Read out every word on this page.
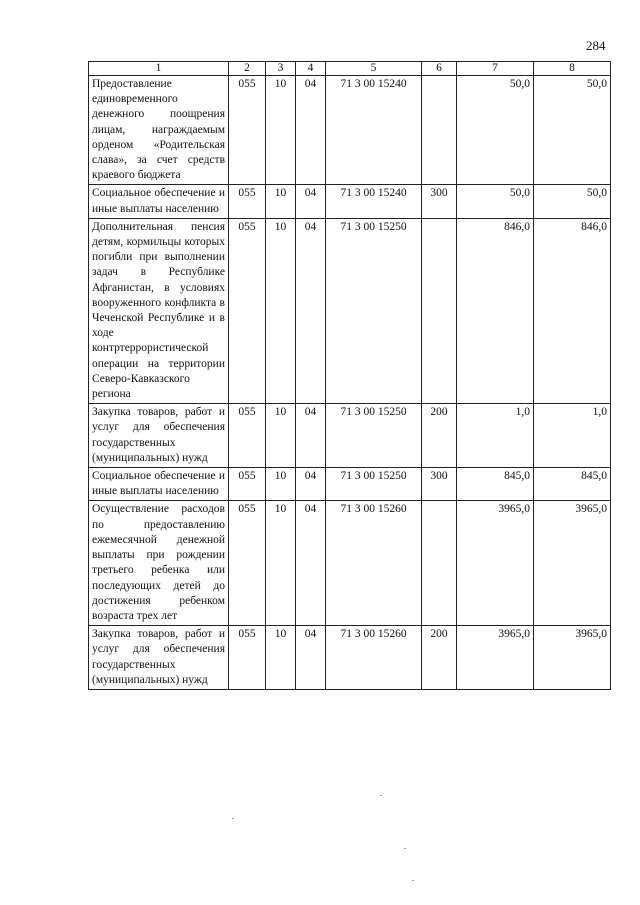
284
1	2	3	4	5	6	7	8
Предоставление единовременного денежного поощрения лицам, награждаемым орденом «Родительская слава», за счет средств краевого бюджета	055	10	04	71 3 00 15240		50,0	50,0
Социальное обеспечение и иные выплаты населению	055	10	04	71 3 00 15240	300	50,0	50,0
Дополнительная пенсия детям, кормильцы которых погибли при выполнении задач в Республике Афганистан, в условиях вооруженного конфликта в Чеченской Республике и в ходе контртеррористической операции на территории Северо-Кавказского региона	055	10	04	71 3 00 15250		846,0	846,0
Закупка товаров, работ и услуг для обеспечения государственных (муниципальных) нужд	055	10	04	71 3 00 15250	200	1,0	1,0
Социальное обеспечение и иные выплаты населению	055	10	04	71 3 00 15250	300	845,0	845,0
Осуществление расходов по предоставлению ежемесячной денежной выплаты при рождении третьего ребенка или последующих детей до достижения ребенком возраста трех лет	055	10	04	71 3 00 15260		3965,0	3965,0
Закупка товаров, работ и услуг для обеспечения государственных (муниципальных) нужд	055	10	04	71 3 00 15260	200	3965,0	3965,0
